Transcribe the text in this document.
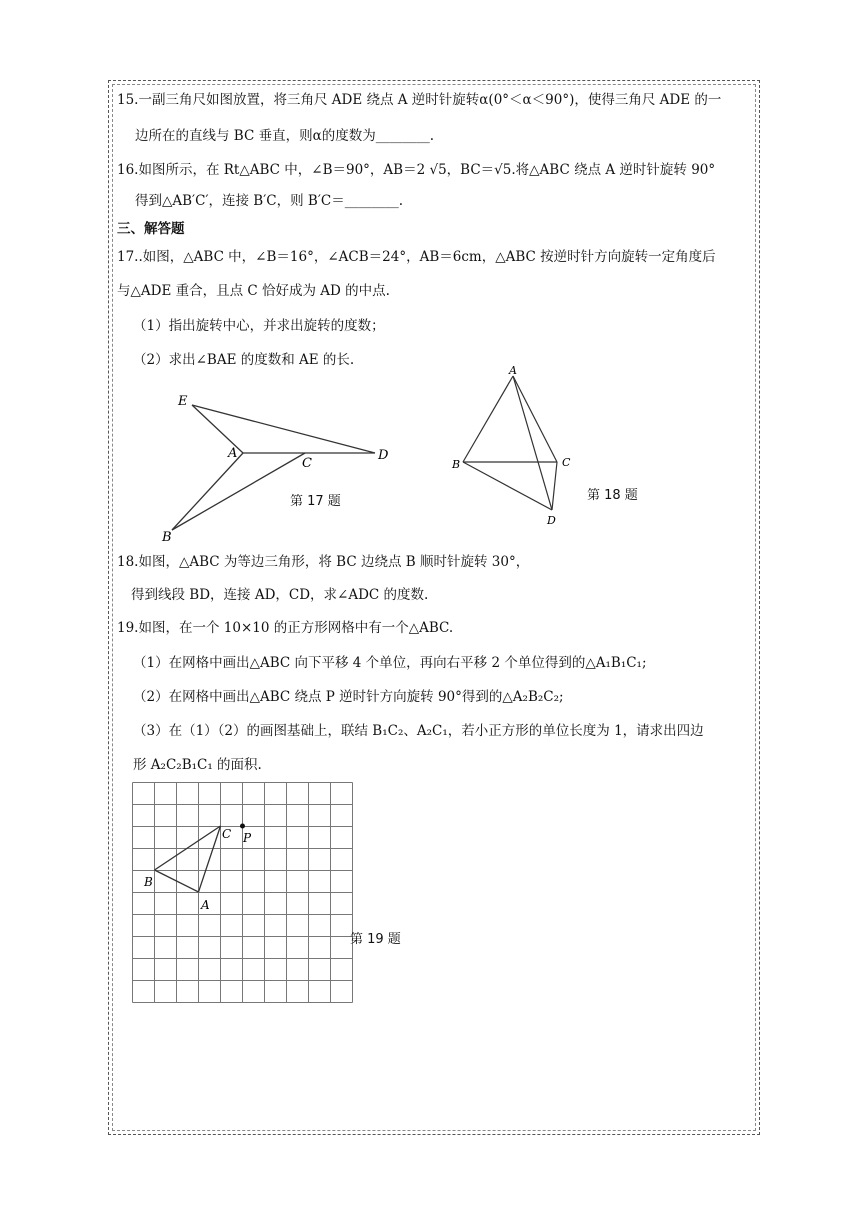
15.一副三角尺如图放置，将三角尺 ADE 绕点 A 逆时针旋转α(0°＜α＜90°)，使得三角尺 ADE 的一
边所在的直线与 BC 垂直，则α的度数为________.
16.如图所示，在 Rt△ABC 中，∠B＝90°，AB＝2 √5，BC＝√5.将△ABC 绕点 A 逆时针旋转 90°
得到△AB′C′，连接 B′C，则 B′C＝________.
三、解答题
17..如图，△ABC 中，∠B＝16°，∠ACB＝24°，AB＝6cm，△ABC 按逆时针方向旋转一定角度后
与△ADE 重合，且点 C 恰好成为 AD 的中点.
（1）指出旋转中心，并求出旋转的度数；
（2）求出∠BAE 的度数和 AE 的长.
E
A
C
D
B
第 17 题
A
B	C
D
第 18 题
18.如图，△ABC 为等边三角形，将 BC 边绕点 B 顺时针旋转 30°，
得到线段 BD，连接 AD，CD，求∠ADC 的度数.
19.如图，在一个 10×10 的正方形网格中有一个△ABC.
（1）在网格中画出△ABC 向下平移 4 个单位，再向右平移 2 个单位得到的△A₁B₁C₁;
（2）在网格中画出△ABC 绕点 P 逆时针方向旋转 90°得到的△A₂B₂C₂;
（3）在（1）（2）的画图基础上，联结 B₁C₂、A₂C₁，若小正方形的单位长度为 1，请求出四边
形 A₂C₂B₁C₁ 的面积.
B
A
C P
第 19 题
